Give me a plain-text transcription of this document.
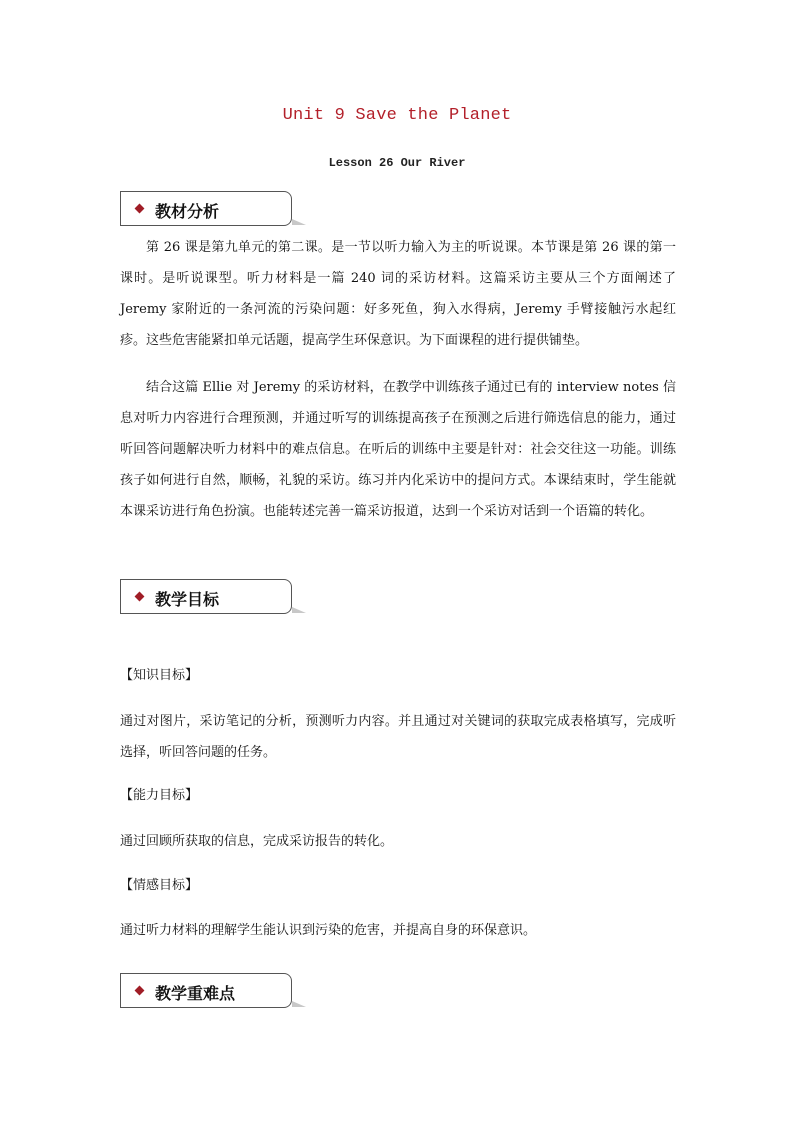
Unit 9 Save the Planet
Lesson 26 Our River
教材分析

第 26 课是第九单元的第二课。是一节以听力输入为主的听说课。本节课是第 26 课的第一课时。是听说课型。听力材料是一篇 240 词的采访材料。这篇采访主要从三个方面阐述了 Jeremy 家附近的一条河流的污染问题：好多死鱼，狗入水得病，Jeremy 手臂接触污水起红疹。这些危害能紧扣单元话题，提高学生环保意识。为下面课程的进行提供铺垫。

结合这篇 Ellie 对 Jeremy 的采访材料，在教学中训练孩子通过已有的 interview notes 信息对听力内容进行合理预测，并通过听写的训练提高孩子在预测之后进行筛选信息的能力，通过听回答问题解决听力材料中的难点信息。在听后的训练中主要是针对：社会交往这一功能。训练孩子如何进行自然，顺畅，礼貌的采访。练习并内化采访中的提问方式。本课结束时，学生能就本课采访进行角色扮演。也能转述完善一篇采访报道，达到一个采访对话到一个语篇的转化。

教学目标
【知识目标】

通过对图片，采访笔记的分析，预测听力内容。并且通过对关键词的获取完成表格填写，完成听选择，听回答问题的任务。

【能力目标】

通过回顾所获取的信息，完成采访报告的转化。

【情感目标】

通过听力材料的理解学生能认识到污染的危害，并提高自身的环保意识。

教学重难点
